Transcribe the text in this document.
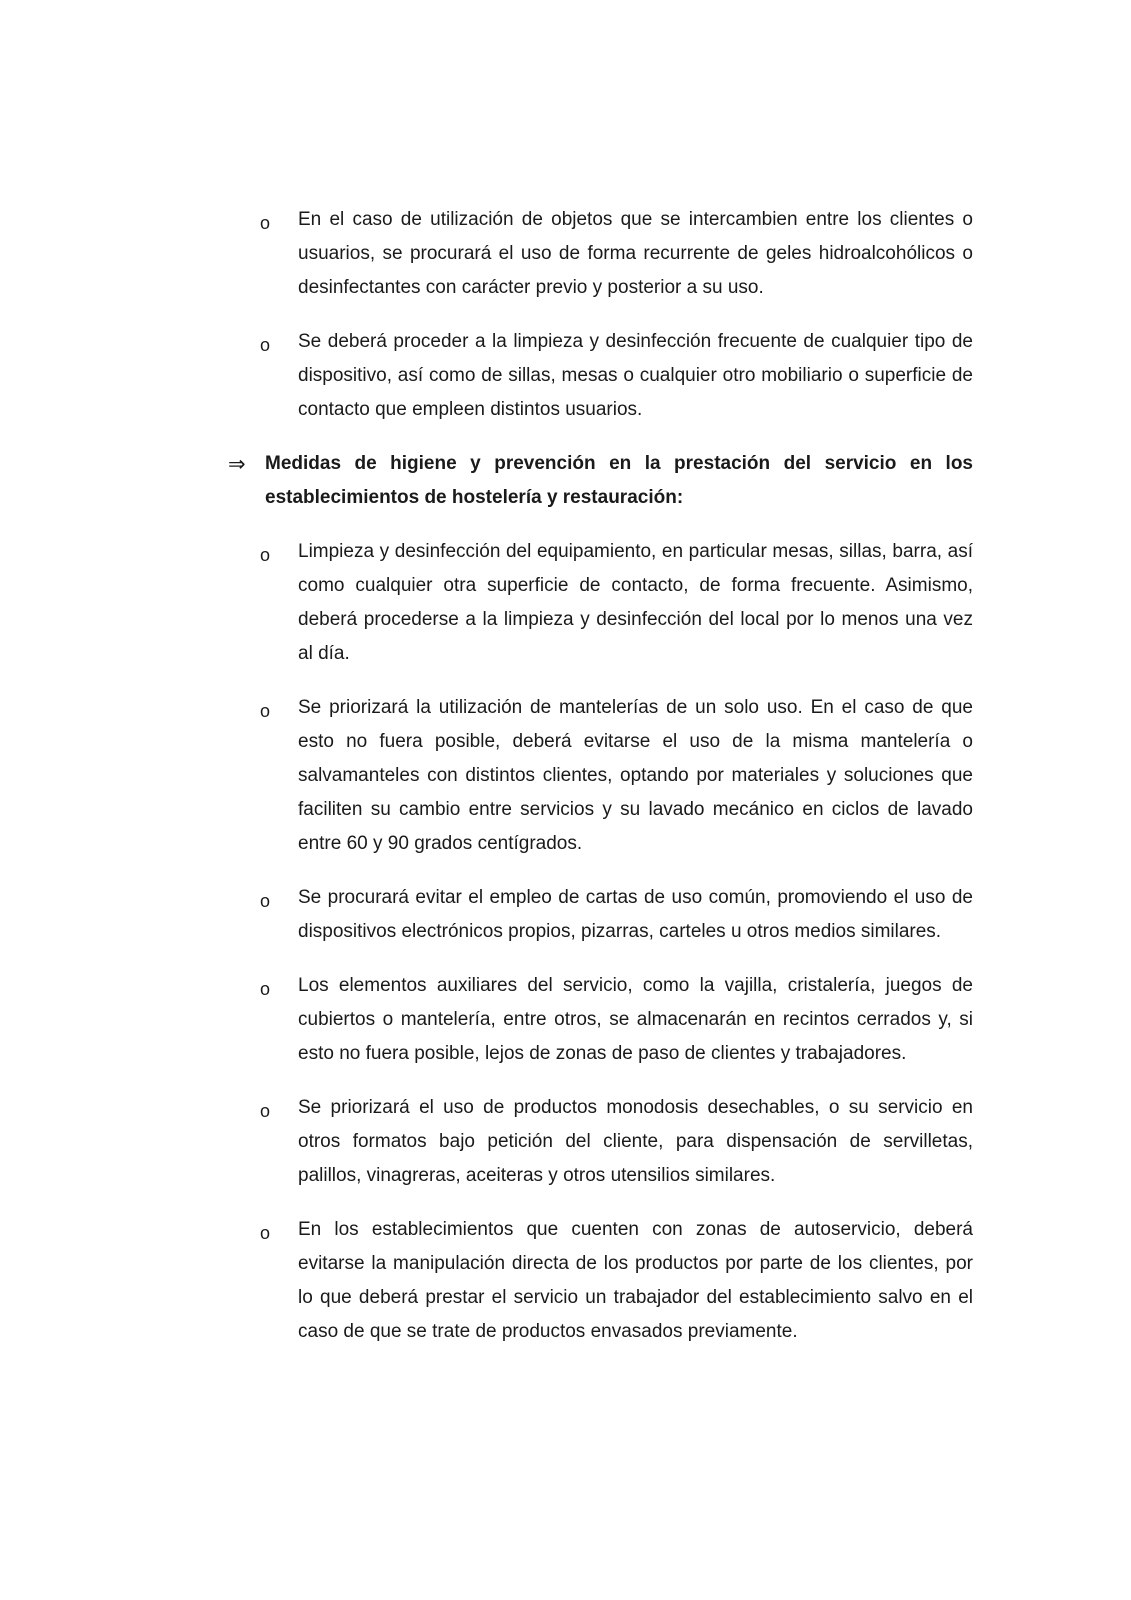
o En el caso de utilización de objetos que se intercambien entre los clientes o usuarios, se procurará el uso de forma recurrente de geles hidroalcohólicos o desinfectantes con carácter previo y posterior a su uso.
o Se deberá proceder a la limpieza y desinfección frecuente de cualquier tipo de dispositivo, así como de sillas, mesas o cualquier otro mobiliario o superficie de contacto que empleen distintos usuarios.
⇒ Medidas de higiene y prevención en la prestación del servicio en los establecimientos de hostelería y restauración:
o Limpieza y desinfección del equipamiento, en particular mesas, sillas, barra, así como cualquier otra superficie de contacto, de forma frecuente. Asimismo, deberá procederse a la limpieza y desinfección del local por lo menos una vez al día.
o Se priorizará la utilización de mantelerías de un solo uso. En el caso de que esto no fuera posible, deberá evitarse el uso de la misma mantelería o salvamanteles con distintos clientes, optando por materiales y soluciones que faciliten su cambio entre servicios y su lavado mecánico en ciclos de lavado entre 60 y 90 grados centígrados.
o Se procurará evitar el empleo de cartas de uso común, promoviendo el uso de dispositivos electrónicos propios, pizarras, carteles u otros medios similares.
o Los elementos auxiliares del servicio, como la vajilla, cristalería, juegos de cubiertos o mantelería, entre otros, se almacenarán en recintos cerrados y, si esto no fuera posible, lejos de zonas de paso de clientes y trabajadores.
o Se priorizará el uso de productos monodosis desechables, o su servicio en otros formatos bajo petición del cliente, para dispensación de servilletas, palillos, vinagreras, aceiteras y otros utensilios similares.
o En los establecimientos que cuenten con zonas de autoservicio, deberá evitarse la manipulación directa de los productos por parte de los clientes, por lo que deberá prestar el servicio un trabajador del establecimiento salvo en el caso de que se trate de productos envasados previamente.
